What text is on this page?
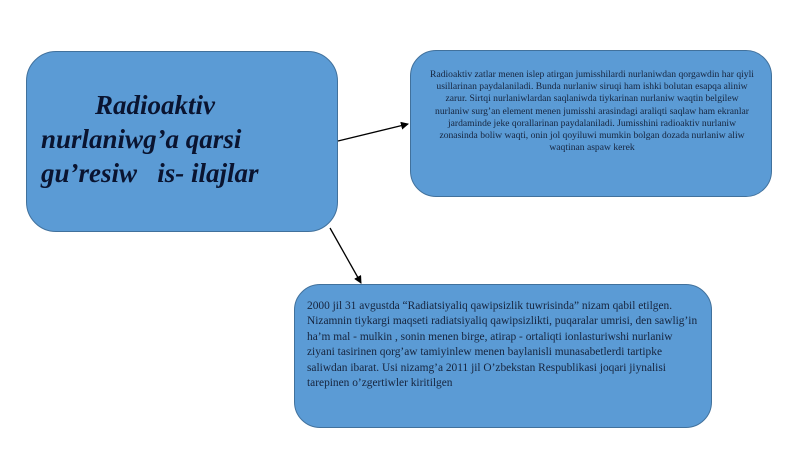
Radioaktiv
nurlaniwg’a qarsi
gu’resiw   is- ilajlar

Radioaktiv zatlar menen islep atirgan jumisshilardi nurlaniwdan qorgawdin har qiyli usillarinan paydalaniladi. Bunda nurlaniw siruqi ham ishki bolutan esapqa aliniw zarur. Sirtqi nurlaniwlardan saqlaniwda tiykarinan nurlaniw waqtin belgilew nurlaniw surg’an element menen jumisshi arasindagi araliqti saqlaw ham ekranlar jardaminde jeke qorallarinan paydalaniladi. Jumisshini radioaktiv nurlaniw zonasinda boliw waqti, onin jol qoyiluwi mumkin bolgan dozada nurlaniw aliw waqtinan aspaw kerek

2000 jil 31 avgustda “Radiatsiyaliq qawipsizlik tuwrisinda” nizam qabil etilgen. Nizamnin tiykargi maqseti radiatsiyaliq qawipsizlikti, puqaralar umrisi, den sawlig’in ha’m mal - mulkin , sonin menen birge, atirap - ortaliqti ionlasturiwshi nurlaniw ziyani tasirinen qorg’aw tamiyinlew menen baylanisli munasabetlerdi tartipke saliwdan ibarat. Usi nizamg’a 2011 jil O’zbekstan Respublikasi joqari jiynalisi tarepinen o’zgertiwler kiritilgen
